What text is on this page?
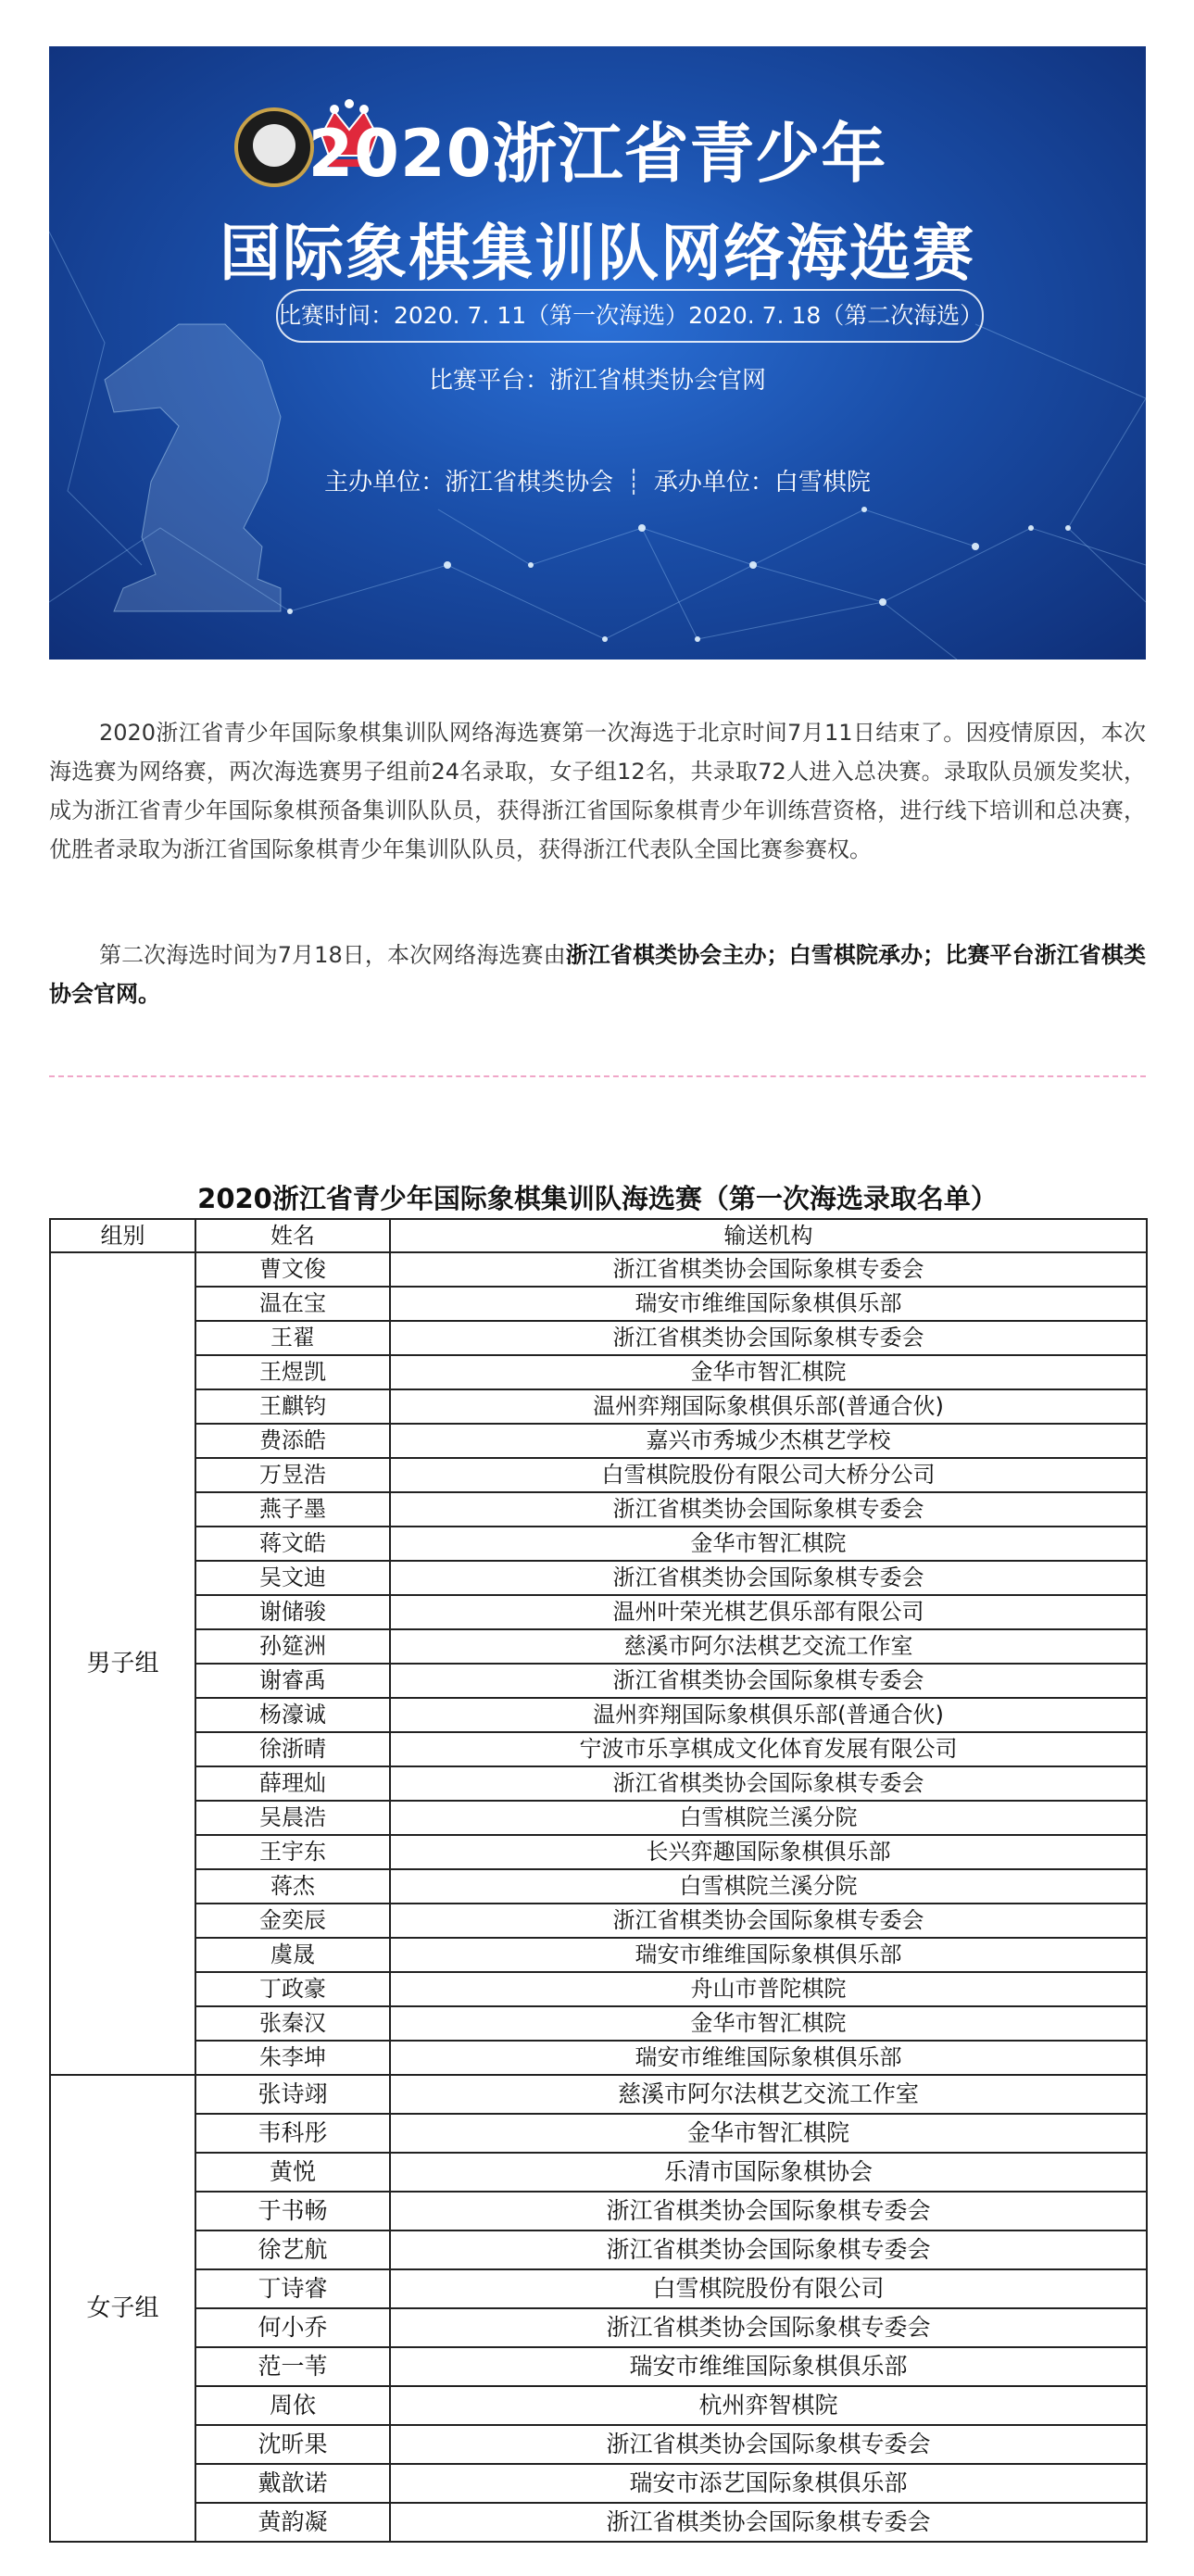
2020浙江省青少年
国际象棋集训队网络海选赛
比赛时间：2020. 7. 11（第一次海选）2020. 7. 18（第二次海选）
比赛平台：浙江省棋类协会官网
主办单位：浙江省棋类协会 ┊ 承办单位：白雪棋院
2020浙江省青少年国际象棋集训队网络海选赛第一次海选于北京时间7月11日结束了。因疫情原因，本次海选赛为网络赛，两次海选赛男子组前24名录取，女子组12名，共录取72人进入总决赛。录取队员颁发奖状，成为浙江省青少年国际象棋预备集训队队员，获得浙江省国际象棋青少年训练营资格，进行线下培训和总决赛，优胜者录取为浙江省国际象棋青少年集训队队员，获得浙江代表队全国比赛参赛权。
第二次海选时间为7月18日，本次网络海选赛由浙江省棋类协会主办；白雪棋院承办；比赛平台浙江省棋类协会官网。
2020浙江省青少年国际象棋集训队海选赛（第一次海选录取名单）
组别	姓名	输送机构
男子组	曹文俊	浙江省棋类协会国际象棋专委会
	温在宝	瑞安市维维国际象棋俱乐部
	王翟	浙江省棋类协会国际象棋专委会
	王煜凯	金华市智汇棋院
	王麒钧	温州弈翔国际象棋俱乐部(普通合伙)
	费添皓	嘉兴市秀城少杰棋艺学校
	万昱浩	白雪棋院股份有限公司大桥分公司
	燕子墨	浙江省棋类协会国际象棋专委会
	蒋文皓	金华市智汇棋院
	吴文迪	浙江省棋类协会国际象棋专委会
	谢储骏	温州叶荣光棋艺俱乐部有限公司
	孙筵洲	慈溪市阿尔法棋艺交流工作室
	谢睿禹	浙江省棋类协会国际象棋专委会
	杨濠诚	温州弈翔国际象棋俱乐部(普通合伙)
	徐浙晴	宁波市乐享棋成文化体育发展有限公司
	薛理灿	浙江省棋类协会国际象棋专委会
	吴晨浩	白雪棋院兰溪分院
	王宇东	长兴弈趣国际象棋俱乐部
	蒋杰	白雪棋院兰溪分院
	金奕辰	浙江省棋类协会国际象棋专委会
	虞晟	瑞安市维维国际象棋俱乐部
	丁政豪	舟山市普陀棋院
	张秦汉	金华市智汇棋院
	朱李坤	瑞安市维维国际象棋俱乐部
女子组	张诗翊	慈溪市阿尔法棋艺交流工作室
	韦科彤	金华市智汇棋院
	黄悦	乐清市国际象棋协会
	于书畅	浙江省棋类协会国际象棋专委会
	徐艺航	浙江省棋类协会国际象棋专委会
	丁诗睿	白雪棋院股份有限公司
	何小乔	浙江省棋类协会国际象棋专委会
	范一苇	瑞安市维维国际象棋俱乐部
	周依	杭州弈智棋院
	沈昕果	浙江省棋类协会国际象棋专委会
	戴歆诺	瑞安市添艺国际象棋俱乐部
	黄韵凝	浙江省棋类协会国际象棋专委会
